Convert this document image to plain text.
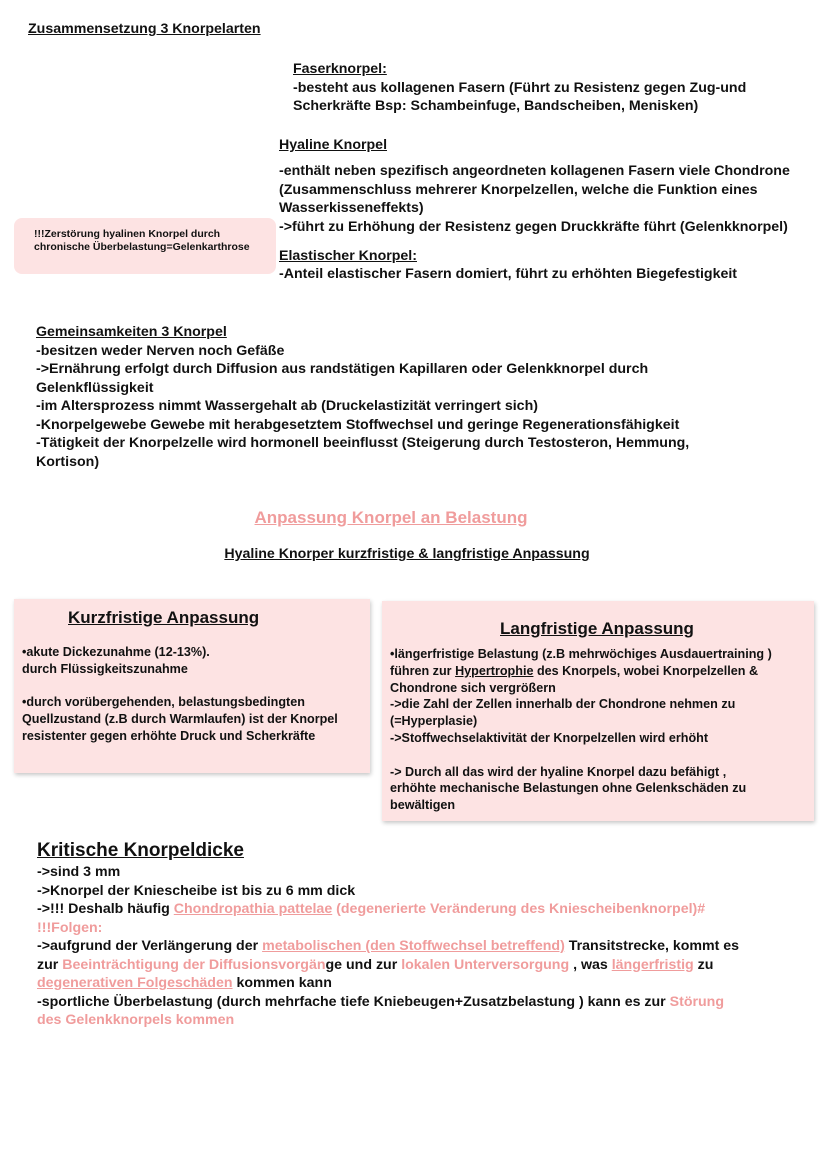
Zusammensetzung 3 Knorpelarten
Faserknorpel:
-besteht aus kollagenen Fasern (Führt zu Resistenz gegen Zug-und
Scherkräfte Bsp: Schambeinfuge, Bandscheiben, Menisken)
Hyaline Knorpel
-enthält neben spezifisch angeordneten kollagenen Fasern viele Chondrone
(Zusammenschluss mehrerer Knorpelzellen, welche die Funktion eines
Wasserkisseneffekts)
->führt zu Erhöhung der Resistenz gegen Druckkräfte führt (Gelenkknorpel)
!!!Zerstörung hyalinen Knorpel durch
chronische Überbelastung=Gelenkarthrose
Elastischer Knorpel:
-Anteil elastischer Fasern domiert, führt zu erhöhten Biegefestigkeit
Gemeinsamkeiten 3 Knorpel
-besitzen weder Nerven noch Gefäße
->Ernährung erfolgt durch Diffusion aus randstätigen Kapillaren oder Gelenkknorpel durch
Gelenkflüssigkeit
-im Altersprozess nimmt Wassergehalt ab (Druckelastizität verringert sich)
-Knorpelgewebe Gewebe mit herabgesetztem Stoffwechsel und geringe Regenerationsfähigkeit
-Tätigkeit der Knorpelzelle wird hormonell beeinflusst (Steigerung durch Testosteron, Hemmung,
Kortison)
Anpassung Knorpel an Belastung
Hyaline Knorper kurzfristige & langfristige Anpassung
Kurzfristige Anpassung
•akute Dickezunahme (12-13%).
durch Flüssigkeitszunahme
•durch vorübergehenden, belastungsbedingten
Quellzustand (z.B durch Warmlaufen) ist der Knorpel
resistenter gegen erhöhte Druck und Scherkräfte
Langfristige Anpassung
•längerfristige Belastung (z.B mehrwöchiges Ausdauertraining )
führen zur Hypertrophie des Knorpels, wobei Knorpelzellen &
Chondrone sich vergrößern
->die Zahl der Zellen innerhalb der Chondrone nehmen zu
(=Hyperplasie)
->Stoffwechselaktivität der Knorpelzellen wird erhöht
-> Durch all das wird der hyaline Knorpel dazu befähigt ,
erhöhte mechanische Belastungen ohne Gelenkschäden zu
bewältigen
Kritische Knorpeldicke
->sind 3 mm
->Knorpel der Kniescheibe ist bis zu 6 mm dick
->!!! Deshalb häufig Chondropathia pattelae (degenerierte Veränderung des Kniescheibenknorpel)#
!!!Folgen:
->aufgrund der Verlängerung der metabolischen (den Stoffwechsel betreffend) Transitstrecke, kommt es
zur Beeinträchtigung der Diffusionsvorgänge und zur lokalen Unterversorgung , was längerfristig zu
degenerativen Folgeschäden kommen kann
-sportliche Überbelastung (durch mehrfache tiefe Kniebeugen+Zusatzbelastung ) kann es zur Störung
des Gelenkknorpels kommen
